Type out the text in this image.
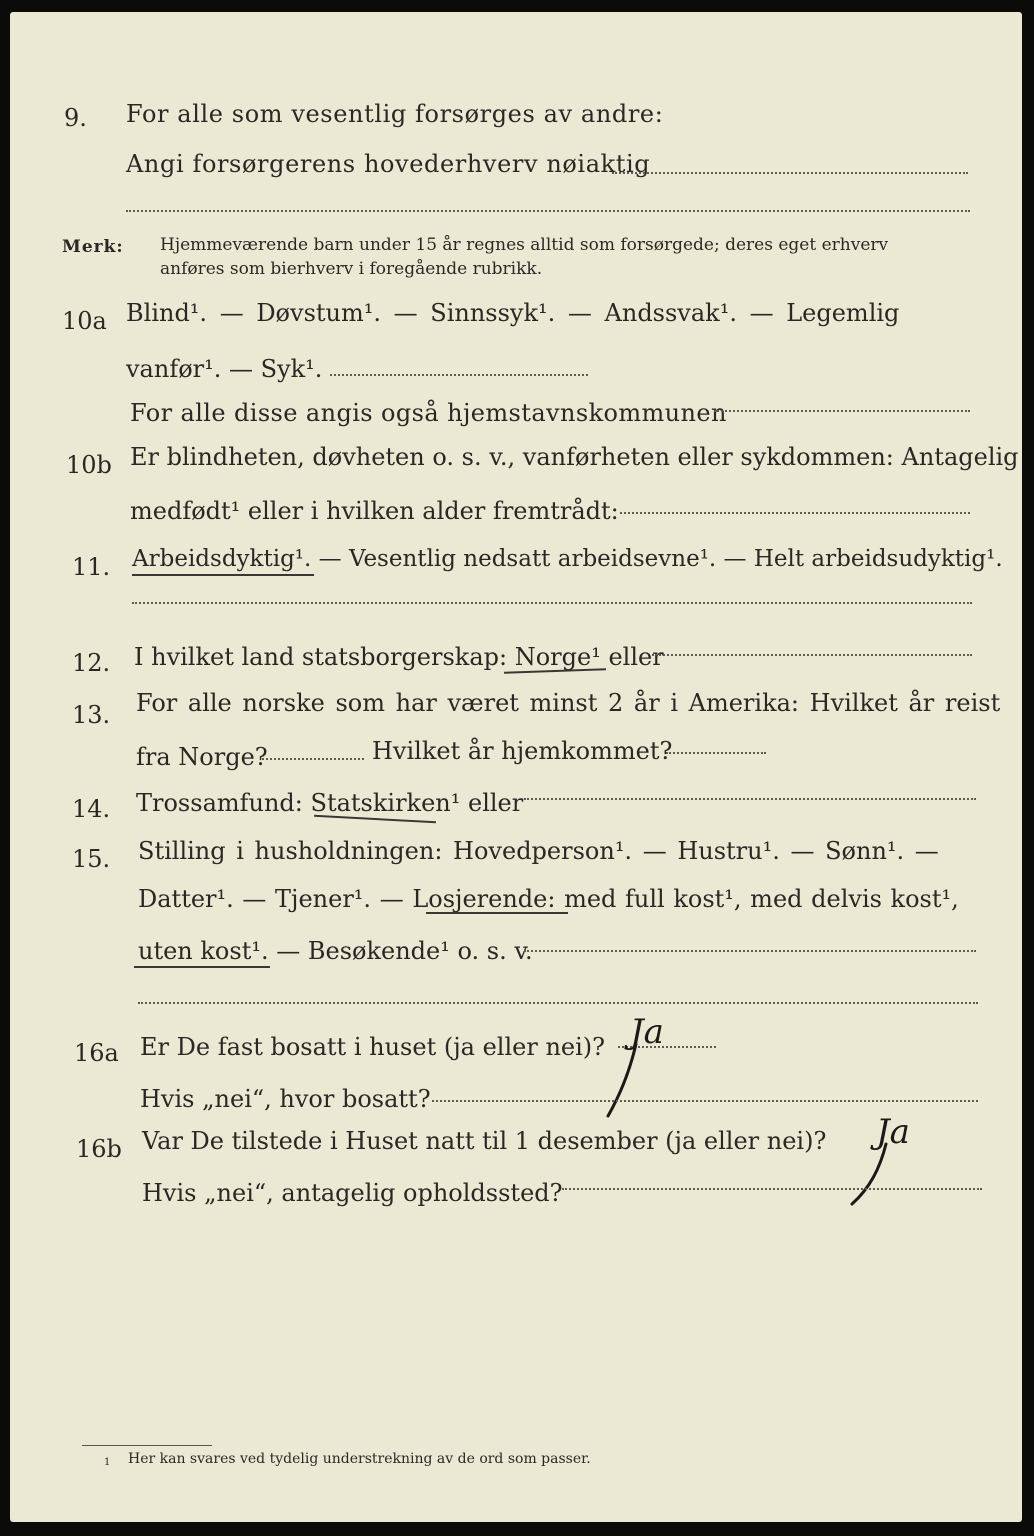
9. For alle som vesentlig forsørges av andre:
Angi forsørgerens hovederhverv nøiaktig
Merk: Hjemmeværende barn under 15 år regnes alltid som forsørgede; deres eget erhverv
anføres som bierhverv i foregående rubrikk.
10a Blind¹. — Døvstum¹. — Sinnssyk¹. — Andssvak¹. — Legemlig
vanfør¹. — Syk¹.
For alle disse angis også hjemstavnskommunen
10b Er blindheten, døvheten o. s. v., vanførheten eller sykdommen: Antagelig
medfødt¹ eller i hvilken alder fremtrådt:
11. Arbeidsdyktig¹. — Vesentlig nedsatt arbeidsevne¹. — Helt arbeidsudyktig¹.
12. I hvilket land statsborgerskap: Norge¹ eller
13. For alle norske som har været minst 2 år i Amerika: Hvilket år reist
fra Norge?	Hvilket år hjemkommet?
14. Trossamfund: Statskirken¹ eller
15. Stilling i husholdningen: Hovedperson¹. — Hustru¹. — Sønn¹. —
Datter¹. — Tjener¹. — Losjerende: med full kost¹, med delvis kost¹,
uten kost¹. — Besøkende¹ o. s. v.
16a Er De fast bosatt i huset (ja eller nei)? Ja
Hvis „nei“, hvor bosatt?
16b Var De tilstede i Huset natt til 1 desember (ja eller nei)? Ja
Hvis „nei“, antagelig opholdssted?
1 Her kan svares ved tydelig understrekning av de ord som passer.
